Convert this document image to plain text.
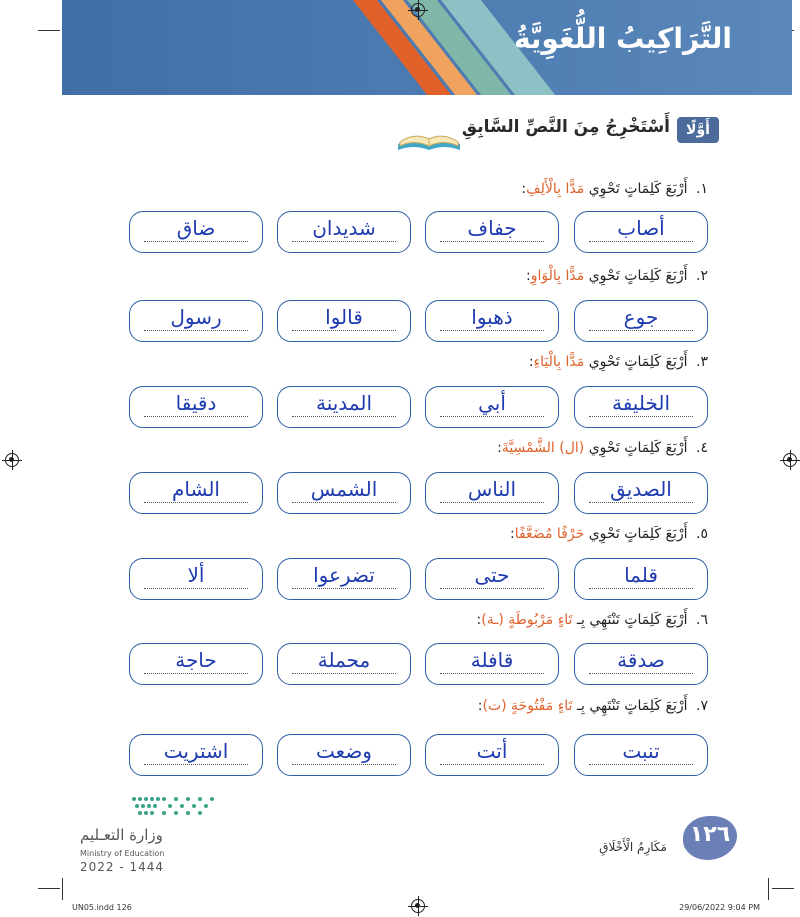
التَّرَاكِيبُ اللُّغَوِيَّةُ
أَوَّلًا
أَسْتَخْرِجُ مِنَ النَّصِّ السَّابِقِ
١. أَرْبَعَ كَلِمَاتٍ تَحْوِي مَدًّا بِالْأَلِفِ:
أصاب
جفاف
شديدان
ضاق
٢. أَرْبَعَ كَلِمَاتٍ تَحْوِي مَدًّا بِالْوَاوِ:
جوع
ذهبوا
قالوا
رسول
٣. أَرْبَعَ كَلِمَاتٍ تَحْوِي مَدًّا بِالْيَاءِ:
الخليفة
أبي
المدينة
دقيقا
٤. أَرْبَعَ كَلِمَاتٍ تَحْوِي (ال) الشَّمْسِيَّةَ:
الصديق
الناس
الشمس
الشام
٥. أَرْبَعَ كَلِمَاتٍ تَحْوِي حَرْفًا مُضَعَّفًا:
قلما
حتى
تضرعوا
ألا
٦. أَرْبَعَ كَلِمَاتٍ تَنْتَهِي بِـ تَاءٍ مَرْبُوطَةٍ (ـة):
صدقة
قافلة
محملة
حاجة
٧. أَرْبَعَ كَلِمَاتٍ تَنْتَهِي بِـ تَاءٍ مَفْتُوحَةٍ (ت):
تنبت
أتت
وضعت
اشتريت
وزارة التعـليم
Ministry of Education
2022 - 1444
مَكَارِمُ الْأَخْلَاقِ	١٢٦
UN05.indd 126	29/06/2022 9:04 PM
